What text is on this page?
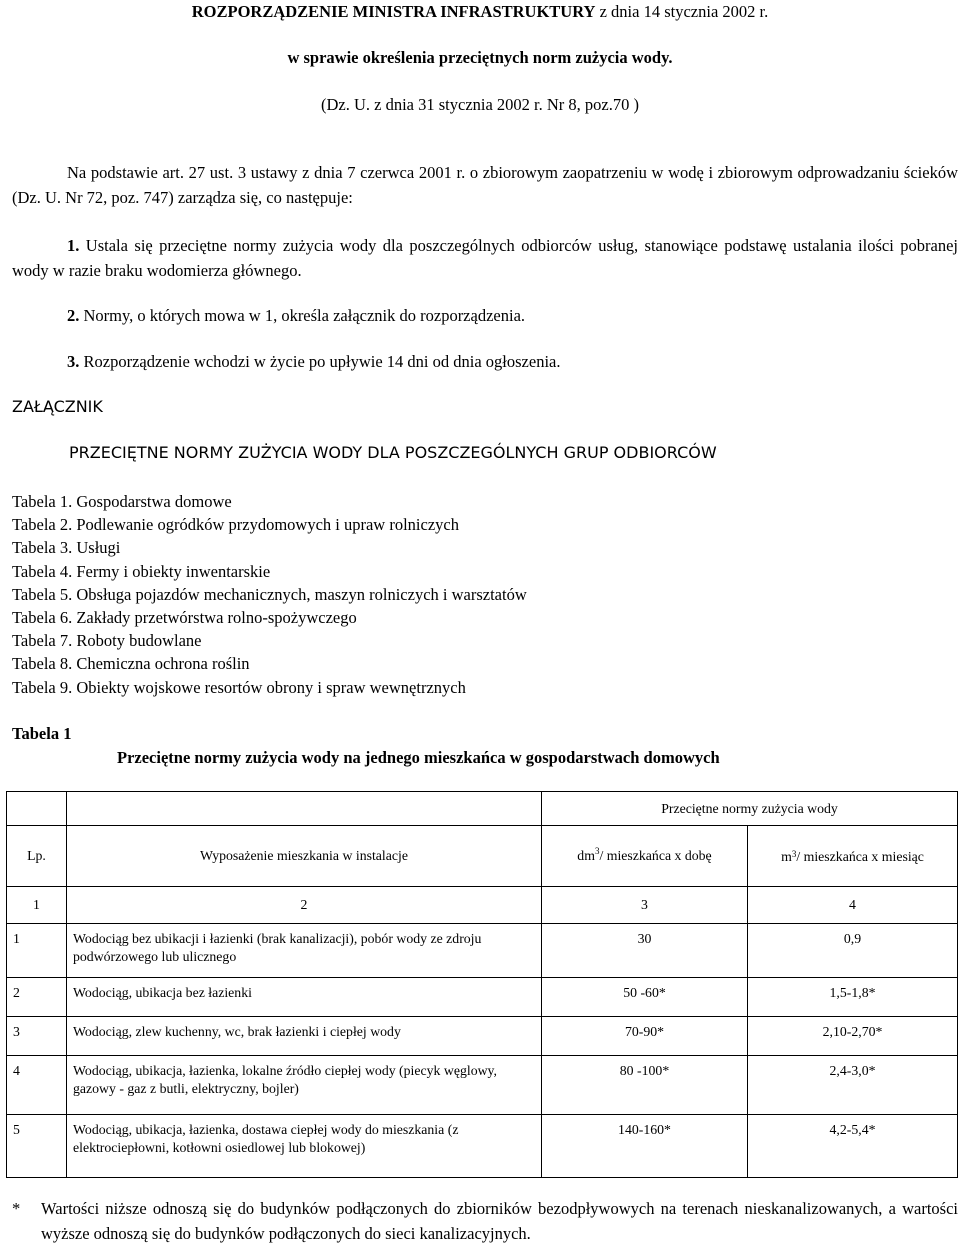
ROZPORZĄDZENIE MINISTRA INFRASTRUKTURY z dnia 14 stycznia 2002 r.
w sprawie określenia przeciętnych norm zużycia wody.
(Dz. U. z dnia 31 stycznia 2002 r. Nr 8, poz.70 )
Na podstawie art. 27 ust. 3 ustawy z dnia 7 czerwca 2001 r. o zbiorowym zaopatrzeniu w wodę i zbiorowym odprowadzaniu ścieków (Dz. U. Nr 72, poz. 747) zarządza się, co następuje:
1. Ustala się przeciętne normy zużycia wody dla poszczególnych odbiorców usług, stanowiące podstawę ustalania ilości pobranej wody w razie braku wodomierza głównego.
2. Normy, o których mowa w 1, określa załącznik do rozporządzenia.
3. Rozporządzenie wchodzi w życie po upływie 14 dni od dnia ogłoszenia.
ZAŁĄCZNIK
PRZECIĘTNE NORMY ZUŻYCIA WODY DLA POSZCZEGÓLNYCH GRUP ODBIORCÓW
Tabela 1. Gospodarstwa domowe
Tabela 2. Podlewanie ogródków przydomowych i upraw rolniczych
Tabela 3. Usługi
Tabela 4. Fermy i obiekty inwentarskie
Tabela 5. Obsługa pojazdów mechanicznych, maszyn rolniczych i warsztatów
Tabela 6. Zakłady przetwórstwa rolno-spożywczego
Tabela 7. Roboty budowlane
Tabela 8. Chemiczna ochrona roślin
Tabela 9. Obiekty wojskowe resortów obrony i spraw wewnętrznych
Tabela 1
Przeciętne normy zużycia wody na jednego mieszkańca w gospodarstwach domowych
		Przeciętne normy zużycia wody	
Lp.	Wyposażenie mieszkania w instalacje	$dm^3/$ mieszkańca x dobę	$m^3/$ mieszkańca x miesiąc
1	2	3	4
1	Wodociąg bez ubikacji i łazienki (brak kanalizacji), pobór wody ze zdroju podwórzowego lub ulicznego	30	0,9
2	Wodociąg, ubikacja bez łazienki	50 -60*	1,5-1,8*
3	Wodociąg, zlew kuchenny, wc, brak łazienki i ciepłej wody	70-90*	2,10-2,70*
4	Wodociąg, ubikacja, łazienka, lokalne źródło ciepłej wody (piecyk węglowy, gazowy - gaz z butli, elektryczny, bojler)	80 -100*	2,4-3,0*
5	Wodociąg, ubikacja, łazienka, dostawa ciepłej wody do mieszkania (z elektrociepłowni, kotłowni osiedlowej lub blokowej)	140-160*	4,2-5,4*
* Wartości niższe odnoszą się do budynków podłączonych do zbiorników bezodpływowych na terenach nieskanalizowanych, a wartości wyższe odnoszą się do budynków podłączonych do sieci kanalizacyjnych.
